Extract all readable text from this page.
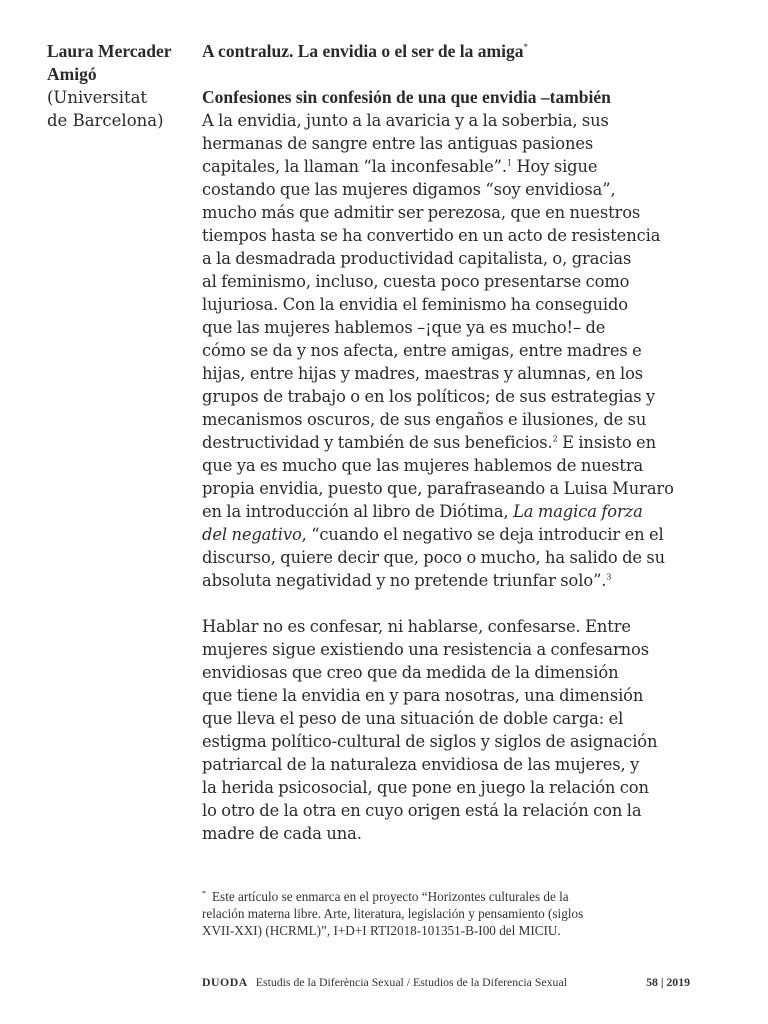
Laura Mercader
Amigó
(Universitat
de Barcelona)
A contraluz. La envidia o el ser de la amiga*
Confesiones sin confesión de una que envidia –también
A la envidia, junto a la avaricia y a la soberbia, sus
hermanas de sangre entre las antiguas pasiones
capitales, la llaman “la inconfesable”.$^1$ Hoy sigue
costando que las mujeres digamos “soy envidiosa”,
mucho más que admitir ser perezosa, que en nuestros
tiempos hasta se ha convertido en un acto de resistencia
a la desmadrada productividad capitalista, o, gracias
al feminismo, incluso, cuesta poco presentarse como
lujuriosa. Con la envidia el feminismo ha conseguido
que las mujeres hablemos –¡que ya es mucho!– de
cómo se da y nos afecta, entre amigas, entre madres e
hijas, entre hijas y madres, maestras y alumnas, en los
grupos de trabajo o en los políticos; de sus estrategias y
mecanismos oscuros, de sus engaños e ilusiones, de su
destructividad y también de sus beneficios.$^2$ E insisto en
que ya es mucho que las mujeres hablemos de nuestra
propia envidia, puesto que, parafraseando a Luisa Muraro
en la introducción al libro de Diótima, La magica forza
del negativo, “cuando el negativo se deja introducir en el
discurso, quiere decir que, poco o mucho, ha salido de su
absoluta negatividad y no pretende triunfar solo”.$^3$
Hablar no es confesar, ni hablarse, confesarse. Entre
mujeres sigue existiendo una resistencia a confesarnos
envidiosas que creo que da medida de la dimensión
que tiene la envidia en y para nosotras, una dimensión
que lleva el peso de una situación de doble carga: el
estigma político-cultural de siglos y siglos de asignación
patriarcal de la naturaleza envidiosa de las mujeres, y
la herida psicosocial, que pone en juego la relación con
lo otro de la otra en cuyo origen está la relación con la
madre de cada una.
* Este artículo se enmarca en el proyecto “Horizontes culturales de la
relación materna libre. Arte, literatura, legislación y pensamiento (siglos
XVII-XXI) (HCRML)”, I+D+I RTI2018-101351-B-I00 del MICIU.
DUODA Estudis de la Diferència Sexual / Estudios de la Diferencia Sexual	58 | 2019
